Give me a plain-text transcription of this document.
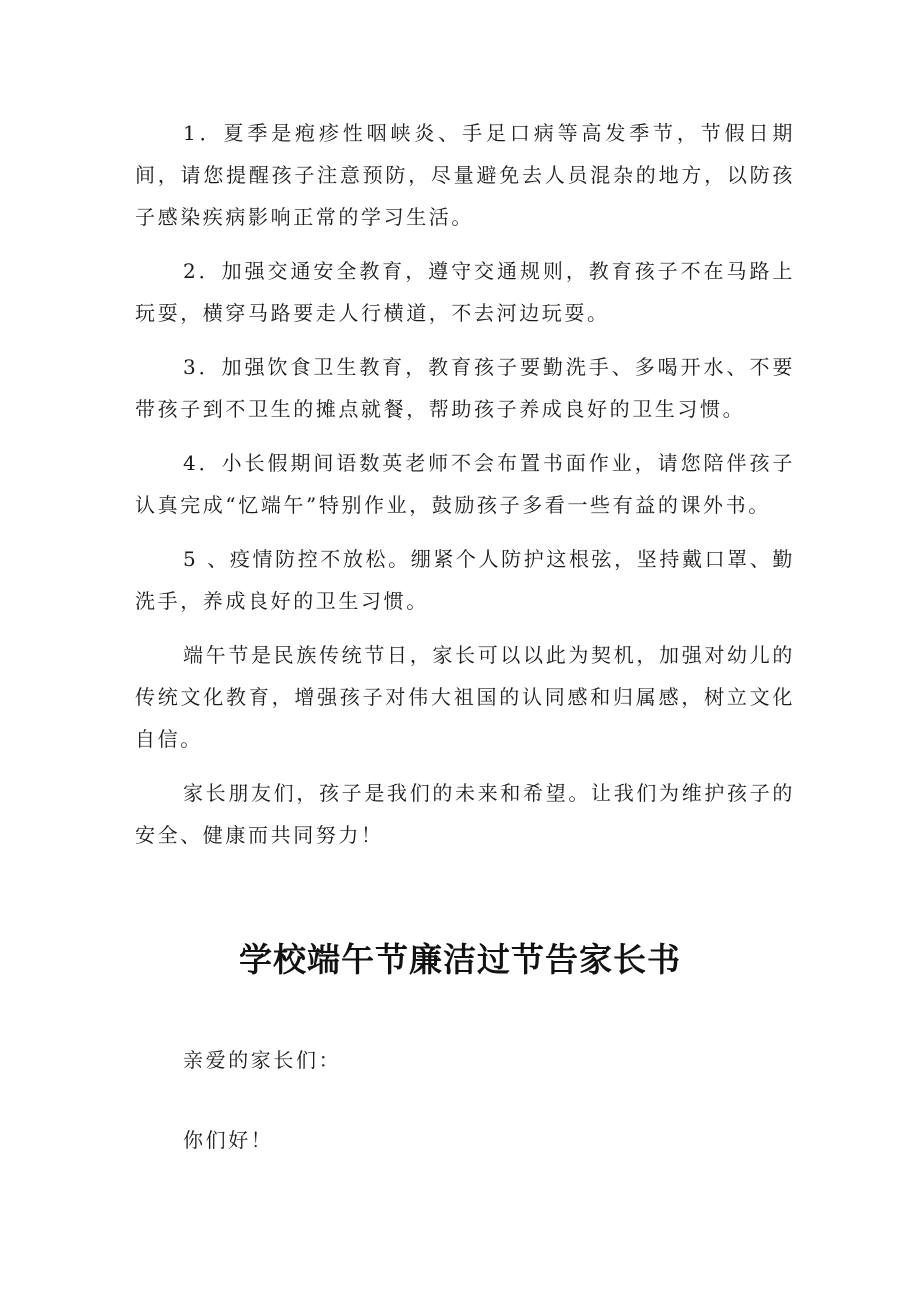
1．夏季是疱疹性咽峡炎、手足口病等高发季节，节假日期间，请您提醒孩子注意预防，尽量避免去人员混杂的地方，以防孩子感染疾病影响正常的学习生活。

2．加强交通安全教育，遵守交通规则，教育孩子不在马路上玩耍，横穿马路要走人行横道，不去河边玩耍。

3．加强饮食卫生教育，教育孩子要勤洗手、多喝开水、不要带孩子到不卫生的摊点就餐，帮助孩子养成良好的卫生习惯。

4．小长假期间语数英老师不会布置书面作业，请您陪伴孩子认真完成“忆端午”特别作业，鼓励孩子多看一些有益的课外书。

5 、疫情防控不放松。绷紧个人防护这根弦，坚持戴口罩、勤洗手，养成良好的卫生习惯。

端午节是民族传统节日，家长可以以此为契机，加强对幼儿的传统文化教育，增强孩子对伟大祖国的认同感和归属感，树立文化自信。

家长朋友们，孩子是我们的未来和希望。让我们为维护孩子的安全、健康而共同努力！

学校端午节廉洁过节告家长书

亲爱的家长们：

你们好！
